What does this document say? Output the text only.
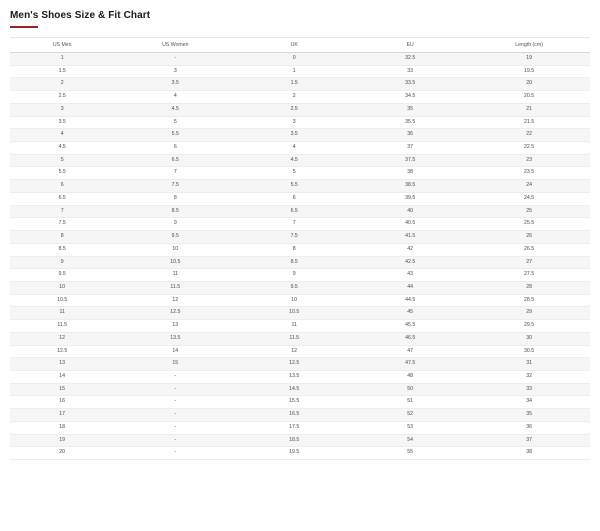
Men's Shoes Size & Fit Chart
US Men	US Women	UK	EU	Length (cm)
1	-	0	32.5	19
1.5	3	1	33	19.5
2	3.5	1.5	33.5	20
2.5	4	2	34.5	20.5
3	4.5	2.5	35	21
3.5	5	3	35.5	21.5
4	5.5	3.5	36	22
4.5	6	4	37	22.5
5	6.5	4.5	37.5	23
5.5	7	5	38	23.5
6	7.5	5.5	38.5	24
6.5	8	6	39.5	24.5
7	8.5	6.5	40	25
7.5	9	7	40.5	25.5
8	9.5	7.5	41.5	26
8.5	10	8	42	26.5
9	10.5	8.5	42.5	27
9.5	11	9	43	27.5
10	11.5	9.5	44	28
10.5	12	10	44.5	28.5
11	12.5	10.5	45	29
11.5	13	11	45.5	29.5
12	13.5	11.5	46.5	30
12.5	14	12	47	30.5
13	15	12.5	47.5	31
14	-	13.5	48	32
15	-	14.5	50	33
16	-	15.5	51	34
17	-	16.5	52	35
18	-	17.5	53	36
19	-	18.5	54	37
20	-	19.5	55	38
